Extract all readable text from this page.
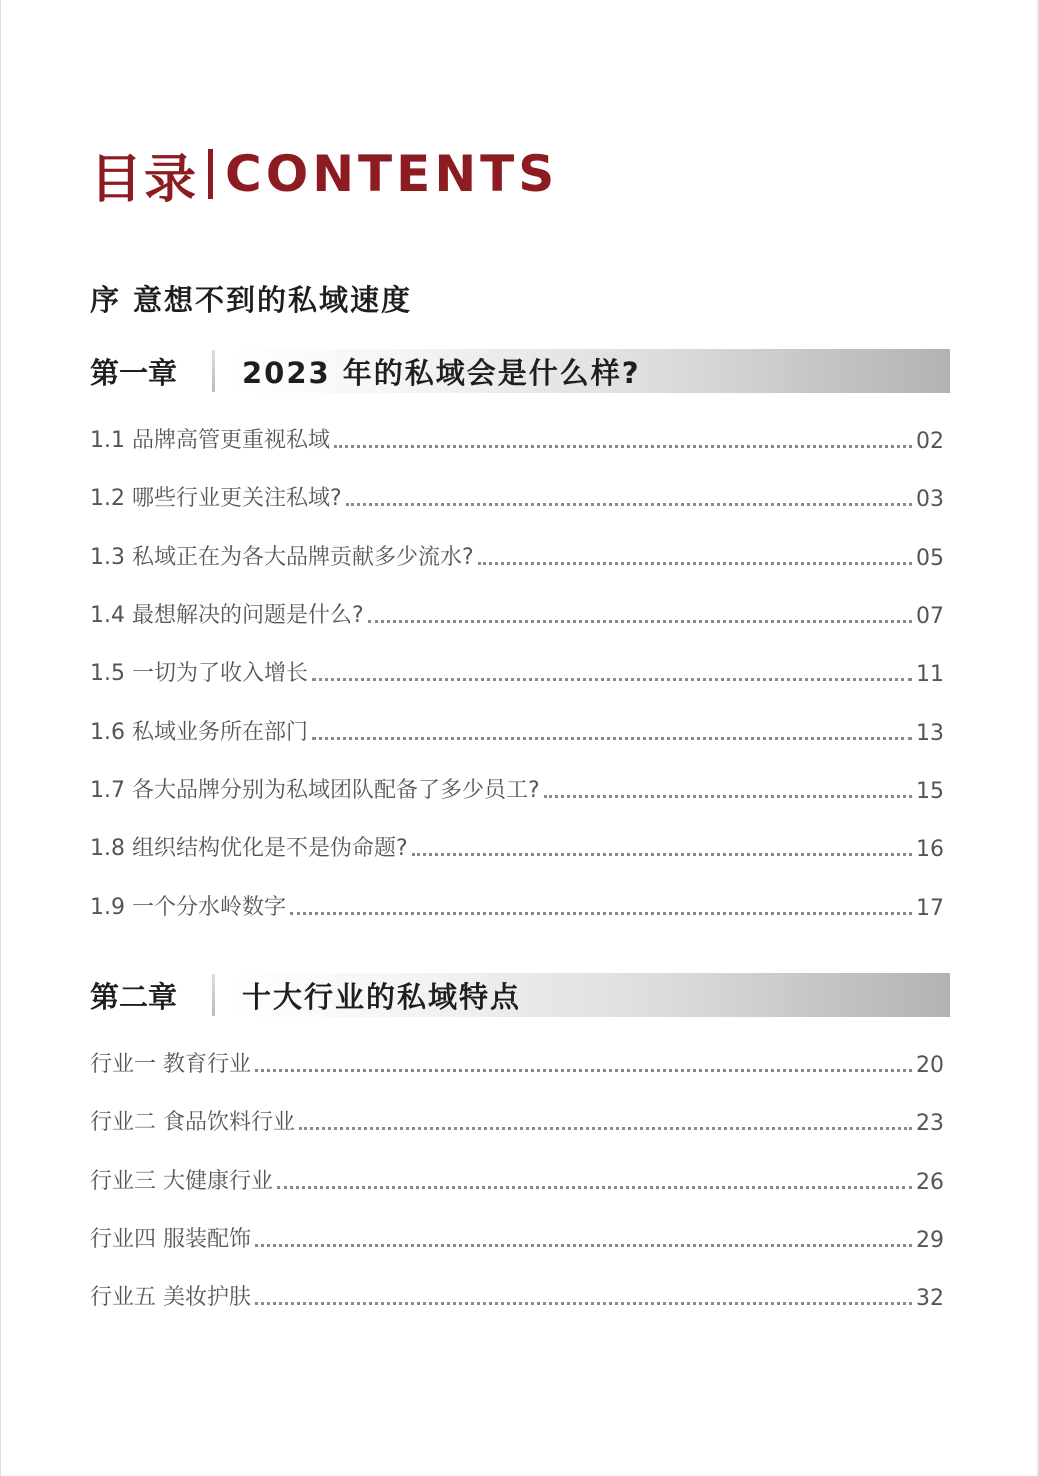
目录 CONTENTS
序 意想不到的私域速度
第一章	2023 年的私域会是什么样?
1.1 品牌高管更重视私域	02
1.2 哪些行业更关注私域?	03
1.3 私域正在为各大品牌贡献多少流水?	05
1.4 最想解决的问题是什么?	07
1.5 一切为了收入增长	11
1.6 私域业务所在部门	13
1.7 各大品牌分别为私域团队配备了多少员工?	15
1.8 组织结构优化是不是伪命题?	16
1.9 一个分水岭数字	17
第二章	十大行业的私域特点
行业一 教育行业	20
行业二 食品饮料行业	23
行业三 大健康行业	26
行业四 服装配饰	29
行业五 美妆护肤	32
